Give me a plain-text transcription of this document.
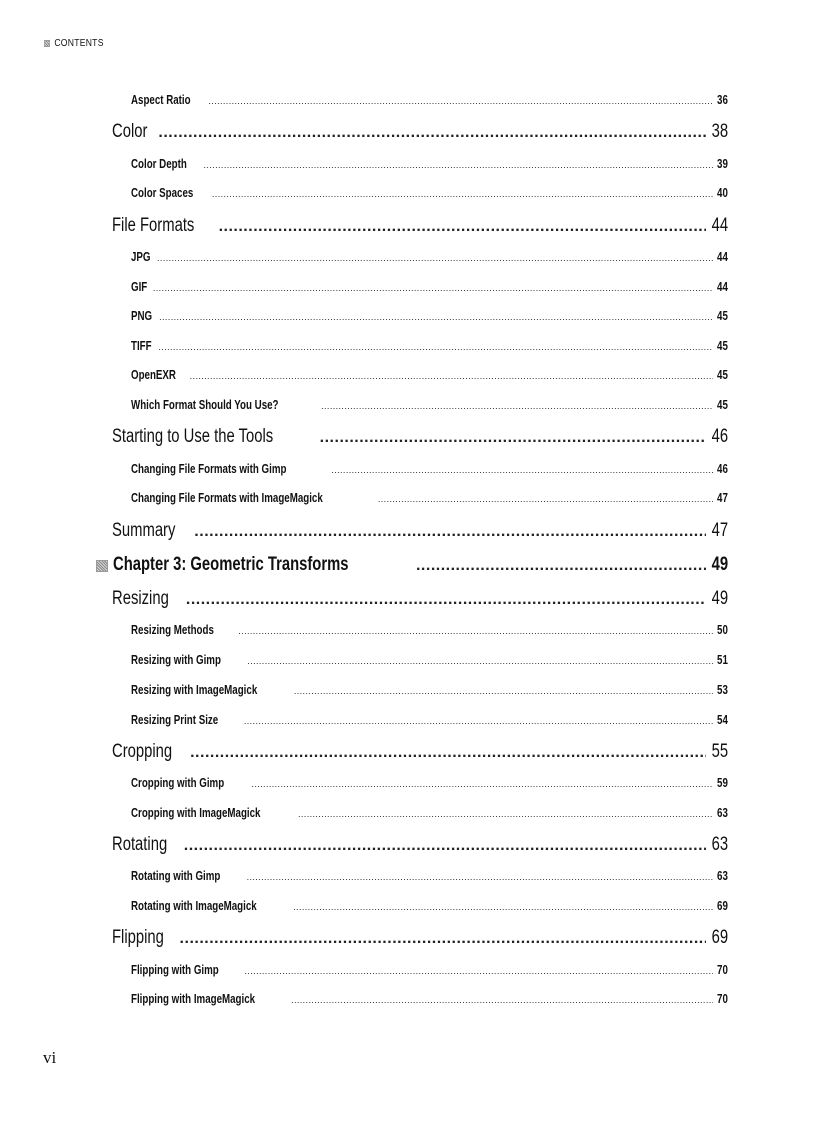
CONTENTS
Aspect Ratio .....	36
Color .....	38
Color Depth .....	39
Color Spaces .....	40
File Formats .....	44
JPG .....	44
GIF .....	44
PNG .....	45
TIFF .....	45
OpenEXR .....	45
Which Format Should You Use? .....	45
Starting to Use the Tools .....	46
Changing File Formats with Gimp .....	46
Changing File Formats with ImageMagick .....	47
Summary .....	47
Chapter 3: Geometric Transforms .....	49
Resizing .....	49
Resizing Methods .....	50
Resizing with Gimp .....	51
Resizing with ImageMagick .....	53
Resizing Print Size .....	54
Cropping .....	55
Cropping with Gimp .....	59
Cropping with ImageMagick .....	63
Rotating .....	63
Rotating with Gimp .....	63
Rotating with ImageMagick .....	69
Flipping .....	69
Flipping with Gimp .....	70
Flipping with ImageMagick .....	70
vi
